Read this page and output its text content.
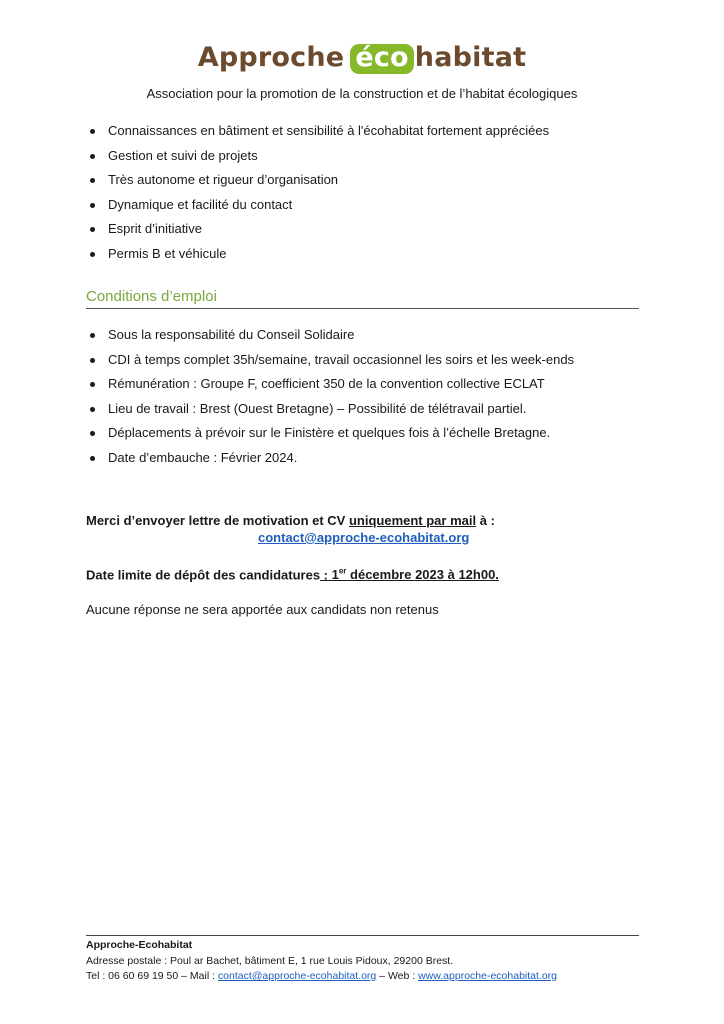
Approche éco habitat
Association pour la promotion de la construction et de l’habitat écologiques
Connaissances en bâtiment et sensibilité à l'écohabitat fortement appréciées
Gestion et suivi de projets
Très autonome et rigueur d’organisation
Dynamique et facilité du contact
Esprit d’initiative
Permis B et véhicule
Conditions d’emploi
Sous la responsabilité du Conseil Solidaire
CDI à temps complet 35h/semaine, travail occasionnel les soirs et les week-ends
Rémunération : Groupe F, coefficient 350 de la convention collective ECLAT
Lieu de travail : Brest (Ouest Bretagne) – Possibilité de télétravail partiel.
Déplacements à prévoir sur le Finistère et quelques fois à l’échelle Bretagne.
Date d’embauche : Février 2024.
Merci d’envoyer lettre de motivation et CV uniquement par mail à :
contact@approche-ecohabitat.org
Date limite de dépôt des candidatures : 1er décembre 2023 à 12h00.
Aucune réponse ne sera apportée aux candidats non retenus
Approche-Ecohabitat
Adresse postale : Poul ar Bachet, bâtiment E, 1 rue Louis Pidoux, 29200 Brest.
Tel : 06 60 69 19 50 – Mail : contact@approche-ecohabitat.org – Web : www.approche-ecohabitat.org
